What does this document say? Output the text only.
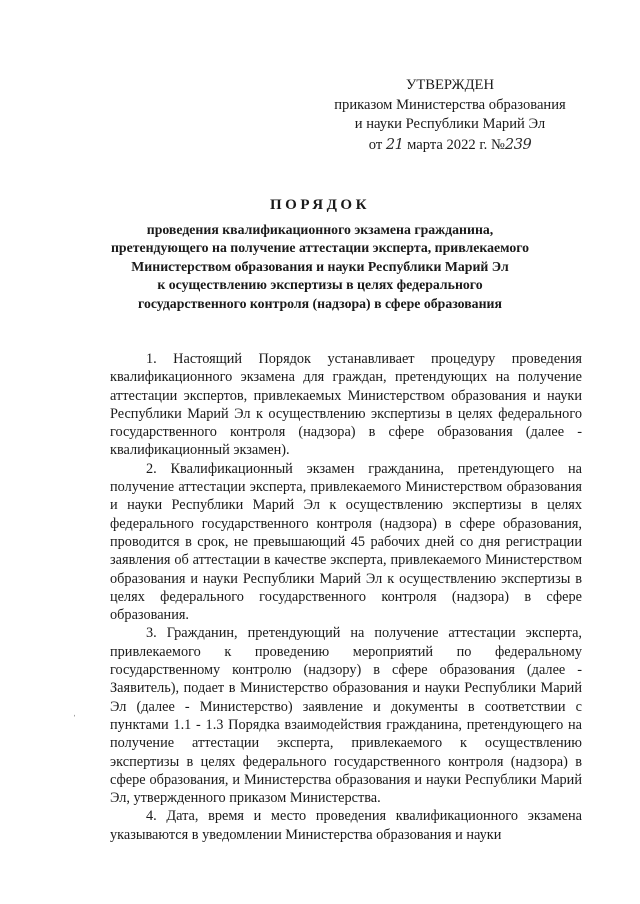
УТВЕРЖДЕН
приказом Министерства образования
и науки Республики Марий Эл
от 21 марта 2022 г. №239
ПОРЯДОК
проведения квалификационного экзамена гражданина,
претендующего на получение аттестации эксперта, привлекаемого
Министерством образования и науки Республики Марий Эл
к осуществлению экспертизы в целях федерального
государственного контроля (надзора) в сфере образования

1. Настоящий Порядок устанавливает процедуру проведения квалификационного экзамена для граждан, претендующих на получение аттестации экспертов, привлекаемых Министерством образования и науки Республики Марий Эл к осуществлению экспертизы в целях федерального государственного контроля (надзора) в сфере образования (далее - квалификационный экзамен).

2. Квалификационный экзамен гражданина, претендующего на получение аттестации эксперта, привлекаемого Министерством образования и науки Республики Марий Эл к осуществлению экспертизы в целях федерального государственного контроля (надзора) в сфере образования, проводится в срок, не превышающий 45 рабочих дней со дня регистрации заявления об аттестации в качестве эксперта, привлекаемого Министерством образования и науки Республики Марий Эл к осуществлению экспертизы в целях федерального государственного контроля (надзора) в сфере образования.

3. Гражданин, претендующий на получение аттестации эксперта, привлекаемого к проведению мероприятий по федеральному государственному контролю (надзору) в сфере образования (далее - Заявитель), подает в Министерство образования и науки Республики Марий Эл (далее - Министерство) заявление и документы в соответствии с пунктами 1.1 - 1.3 Порядка взаимодействия гражданина, претендующего на получение аттестации эксперта, привлекаемого к осуществлению экспертизы в целях федерального государственного контроля (надзора) в сфере образования, и Министерства образования и науки Республики Марий Эл, утвержденного приказом Министерства.

4. Дата, время и место проведения квалификационного экзамена указываются в уведомлении Министерства образования и науки

ˌ
